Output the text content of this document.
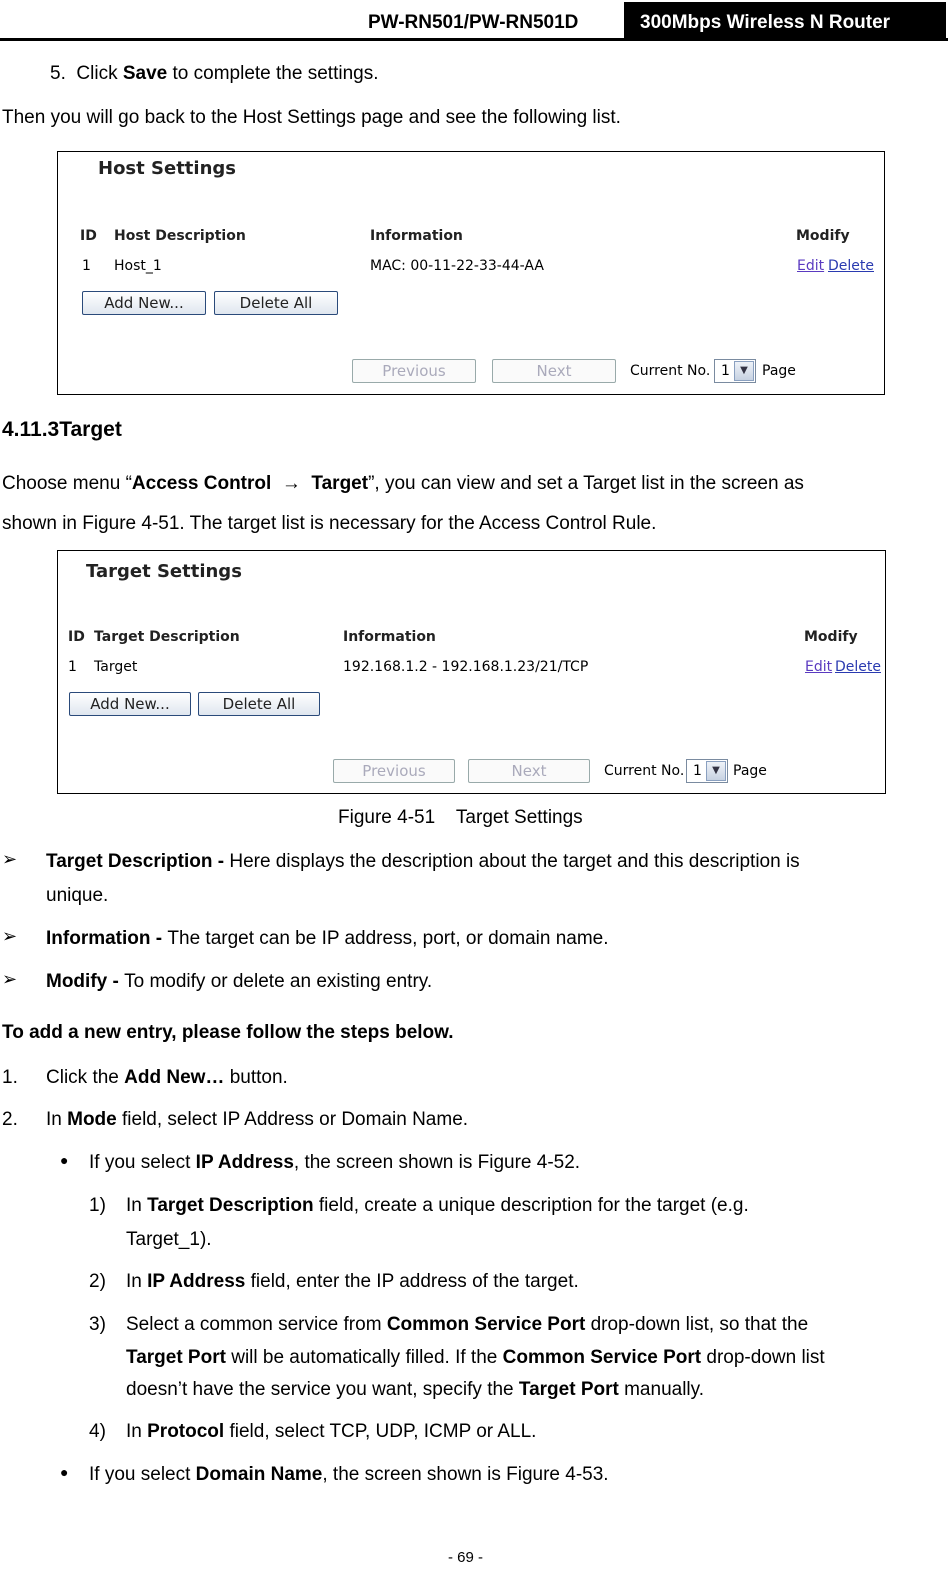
PW-RN501/PW-RN501D	300Mbps Wireless N Router
5. Click Save to complete the settings.
Then you will go back to the Host Settings page and see the following list.
Host Settings
ID Host Description	Information	Modify
1 Host_1	MAC: 00-11-22-33-44-AA	Edit Delete
Add New...	Delete All
Previous	Next	Current No. 1	▼	Page
4.11.3Target
Choose menu “Access Control → Target”, you can view and set a Target list in the screen as
shown in Figure 4-51. The target list is necessary for the Access Control Rule.
Target Settings
ID Target Description	Information	Modify
1 Target	192.168.1.2 - 192.168.1.23/21/TCP	Edit Delete
Add New...	Delete All
Previous	Next	Current No. 1	▼ Page
Figure 4-51    Target Settings
➢ Target Description - Here displays the description about the target and this description is
unique.
➢ Information - The target can be IP address, port, or domain name.
➢ Modify - To modify or delete an existing entry.
To add a new entry, please follow the steps below.
1. Click the Add New… button.
2. In Mode field, select IP Address or Domain Name.
● If you select IP Address, the screen shown is Figure 4-52.
1) In Target Description field, create a unique description for the target (e.g.
Target_1).
2) In IP Address field, enter the IP address of the target.
3) Select a common service from Common Service Port drop-down list, so that the
Target Port will be automatically filled. If the Common Service Port drop-down list
doesn’t have the service you want, specify the Target Port manually.
4) In Protocol field, select TCP, UDP, ICMP or ALL.
● If you select Domain Name, the screen shown is Figure 4-53.
- 69 -
